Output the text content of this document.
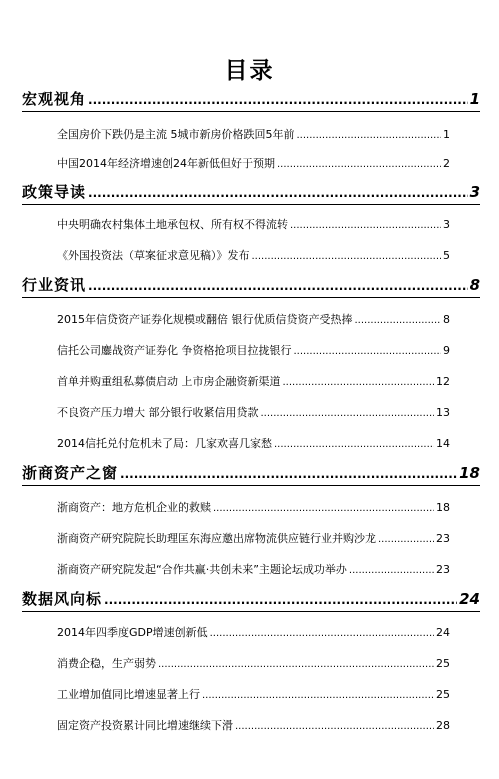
目录
宏观视角 .....	1
全国房价下跌仍是主流 5城市新房价格跌回5年前 .....	1
中国2014年经济增速创24年新低但好于预期 .....	2
政策导读 .....	3
中央明确农村集体土地承包权、所有权不得流转 .....	3
《外国投资法（草案征求意见稿）》发布 .....	5
行业资讯 .....	8
2015年信贷资产证券化规模或翻倍 银行优质信贷资产受热捧 .....	8
信托公司鏖战资产证券化 争资格抢项目拉拢银行 .....	9
首单并购重组私募债启动 上市房企融资新渠道 .....	12
不良资产压力增大 部分银行收紧信用贷款 .....	13
2014信托兑付危机未了局：几家欢喜几家愁 .....	14
浙商资产之窗 .....	18
浙商资产：地方危机企业的救赎 .....	18
浙商资产研究院院长助理匡东海应邀出席物流供应链行业并购沙龙 .....	23
浙商资产研究院发起“合作共赢·共创未来”主题论坛成功举办 .....	23
数据风向标 .....	24
2014年四季度GDP增速创新低 .....	24
消费企稳，生产弱势 .....	25
工业增加值同比增速显著上行 .....	25
固定资产投资累计同比增速继续下滑 .....	28
